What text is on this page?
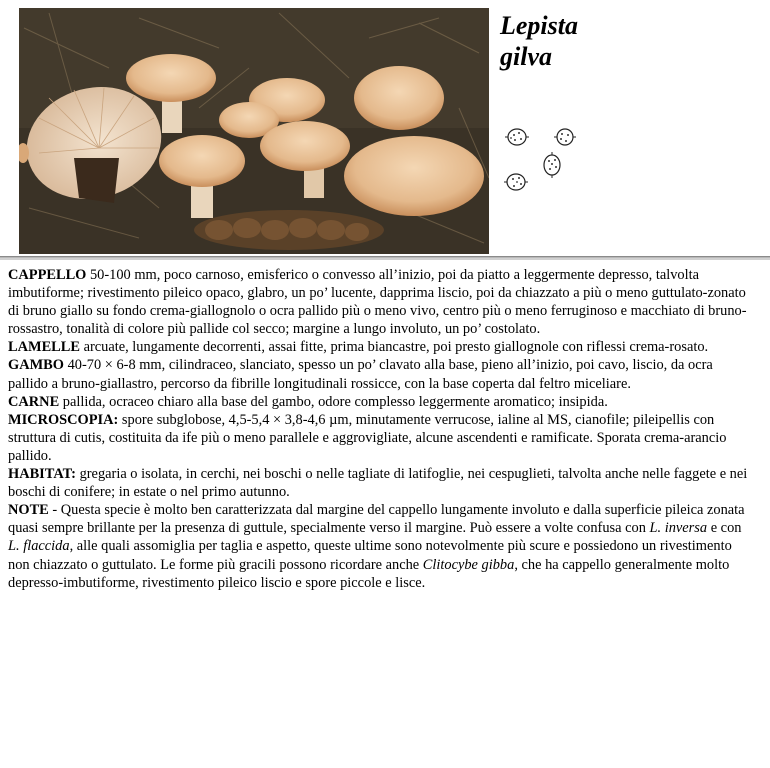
Lepista
gilva

CAPPELLO 50-100 mm, poco carnoso, emisferico o convesso all’inizio, poi da piatto a leggermente depresso, talvolta imbutiforme; rivestimento pileico opaco, glabro, un po’ lucente, dapprima liscio, poi da chiazzato a più o meno guttulato-zonato di bruno giallo su fondo crema-giallognolo o ocra pallido più o meno vivo, centro più o meno ferruginoso e macchiato di bruno-rossastro, tonalità di colore più pallide col secco; margine a lungo involuto, un po’ costolato.

LAMELLE arcuate, lungamente decorrenti, assai fitte, prima biancastre, poi presto giallognole con riflessi crema-rosato.

GAMBO 40-70 × 6-8 mm, cilindraceo, slanciato, spesso un po’ clavato alla base, pieno all’inizio, poi cavo, liscio, da ocra pallido a bruno-giallastro, percorso da fibrille longitudinali rossicce, con la base coperta dal feltro miceliare.

CARNE pallida, ocraceo chiaro alla base del gambo, odore complesso leggermente aromatico; insipida.

MICROSCOPIA: spore subglobose, 4,5-5,4 × 3,8-4,6 µm, minutamente verrucose, ialine al MS, cianofile; pileipellis con struttura di cutis, costituita da ife più o meno parallele e aggrovigliate, alcune ascendenti e ramificate. Sporata crema-arancio pallido.

HABITAT: gregaria o isolata, in cerchi, nei boschi o nelle tagliate di latifoglie, nei cespuglieti, talvolta anche nelle faggete e nei boschi di conifere; in estate o nel primo autunno.

NOTE - Questa specie è molto ben caratterizzata dal margine del cappello lungamente involuto e dalla superficie pileica zonata quasi sempre brillante per la presenza di guttule, specialmente verso il margine. Può essere a volte confusa con L. inversa e con L. flaccida, alle quali assomiglia per taglia e aspetto, queste ultime sono notevolmente più scure e possiedono un rivestimento non chiazzato o guttulato. Le forme più gracili possono ricordare anche Clitocybe gibba, che ha cappello generalmente molto depresso-imbutiforme, rivestimento pileico liscio e spore piccole e lisce.
